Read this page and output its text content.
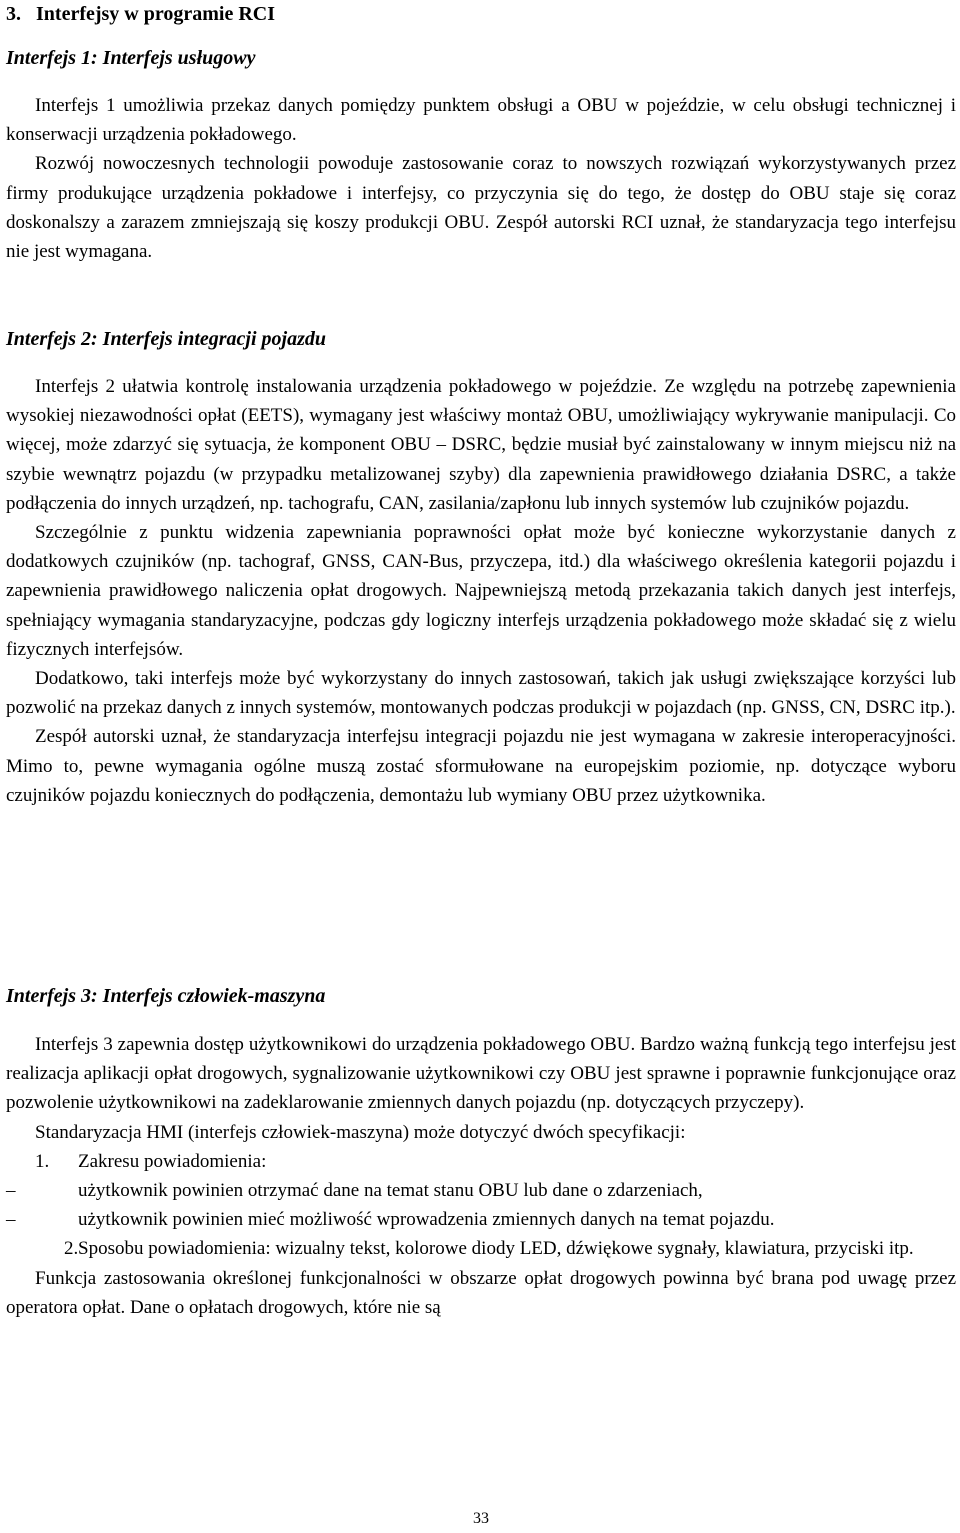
3. Interfejsy w programie RCI
Interfejs 1: Interfejs usługowy

Interfejs 1 umożliwia przekaz danych pomiędzy punktem obsługi a OBU w pojeździe, w celu obsługi technicznej i konserwacji urządzenia pokładowego.

Rozwój nowoczesnych technologii powoduje zastosowanie coraz to nowszych rozwiązań wykorzystywanych przez firmy produkujące urządzenia pokładowe i interfejsy, co przyczynia się do tego, że dostęp do OBU staje się coraz doskonalszy a zarazem zmniejszają się koszy produkcji OBU. Zespół autorski RCI uznał, że standaryzacja tego interfejsu nie jest wymagana.

Interfejs 2: Interfejs integracji pojazdu

Interfejs 2 ułatwia kontrolę instalowania urządzenia pokładowego w pojeździe. Ze względu na potrzebę zapewnienia wysokiej niezawodności opłat (EETS), wymagany jest właściwy montaż OBU, umożliwiający wykrywanie manipulacji. Co więcej, może zdarzyć się sytuacja, że komponent OBU – DSRC, będzie musiał być zainstalowany w innym miejscu niż na szybie wewnątrz pojazdu (w przypadku metalizowanej szyby) dla zapewnienia prawidłowego działania DSRC, a także podłączenia do innych urządzeń, np. tachografu, CAN, zasilania/zapłonu lub innych systemów lub czujników pojazdu.

Szczególnie z punktu widzenia zapewniania poprawności opłat może być konieczne wykorzystanie danych z dodatkowych czujników (np. tachograf, GNSS, CAN-Bus, przyczepa, itd.) dla właściwego określenia kategorii pojazdu i zapewnienia prawidłowego naliczenia opłat drogowych. Najpewniejszą metodą przekazania takich danych jest interfejs, spełniający wymagania standaryzacyjne, podczas gdy logiczny interfejs urządzenia pokładowego może składać się z wielu fizycznych interfejsów.

Dodatkowo, taki interfejs może być wykorzystany do innych zastosowań, takich jak usługi zwiększające korzyści lub pozwolić na przekaz danych z innych systemów, montowanych podczas produkcji w pojazdach (np. GNSS, CN, DSRC itp.).

Zespół autorski uznał, że standaryzacja interfejsu integracji pojazdu nie jest wymagana w zakresie interoperacyjności. Mimo to, pewne wymagania ogólne muszą zostać sformułowane na europejskim poziomie, np. dotyczące wyboru czujników pojazdu koniecznych do podłączenia, demontażu lub wymiany OBU przez użytkownika.

Interfejs 3: Interfejs człowiek-maszyna

Interfejs 3 zapewnia dostęp użytkownikowi do urządzenia pokładowego OBU. Bardzo ważną funkcją tego interfejsu jest realizacja aplikacji opłat drogowych, sygnalizowanie użytkownikowi czy OBU jest sprawne i poprawnie funkcjonujące oraz pozwolenie użytkownikowi na zadeklarowanie zmiennych danych pojazdu (np. dotyczących przyczepy).

Standaryzacja HMI (interfejs człowiek-maszyna) może dotyczyć dwóch specyfikacji:

1. Zakresu powiadomienia:

–	użytkownik powinien otrzymać dane na temat stanu OBU lub dane o zdarzeniach,

–	użytkownik powinien mieć możliwość wprowadzenia zmiennych danych na temat pojazdu.

2.Sposobu powiadomienia: wizualny tekst, kolorowe diody LED, dźwiękowe sygnały, klawiatura, przyciski itp.

Funkcja zastosowania określonej funkcjonalności w obszarze opłat drogowych powinna być brana pod uwagę przez operatora opłat. Dane o opłatach drogowych, które nie są

33
